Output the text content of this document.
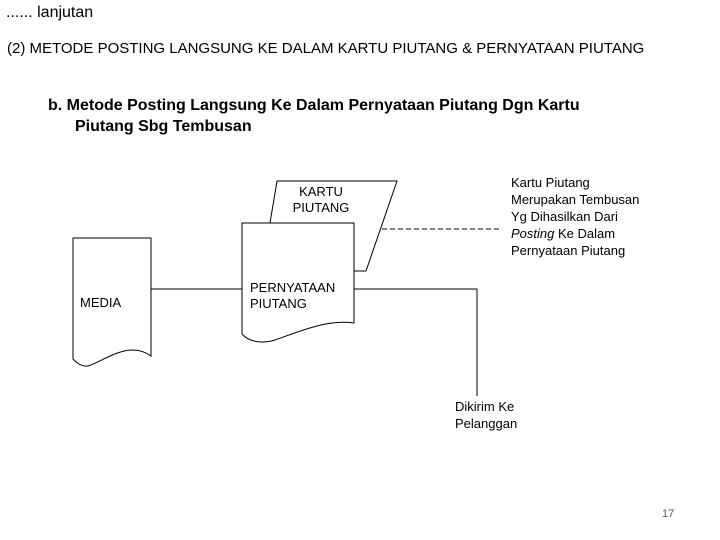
...... lanjutan
(2) METODE POSTING LANGSUNG KE DALAM KARTU PIUTANG & PERNYATAAN PIUTANG
b. Metode Posting Langsung Ke Dalam Pernyataan Piutang Dgn Kartu
Piutang Sbg Tembusan
KARTU
PIUTANG
PERNYATAAN
PIUTANG
MEDIA
Kartu Piutang
Merupakan Tembusan
Yg Dihasilkan Dari
Posting Ke Dalam
Pernyataan Piutang
Dikirim Ke
Pelanggan
17
